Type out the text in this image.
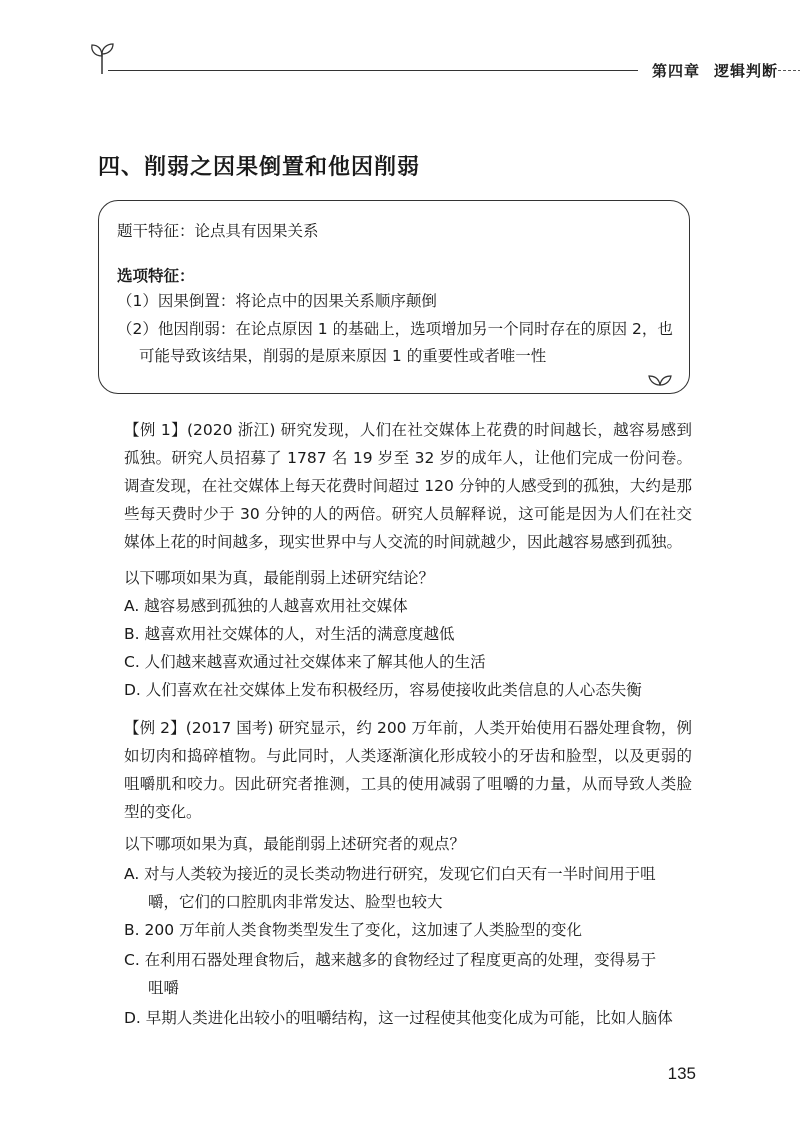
第四章 逻辑判断
四、削弱之因果倒置和他因削弱
题干特征：论点具有因果关系
选项特征：
（1）因果倒置：将论点中的因果关系顺序颠倒
（2）他因削弱：在论点原因 1 的基础上，选项增加另一个同时存在的原因 2，也
可能导致该结果，削弱的是原来原因 1 的重要性或者唯一性
【例 1】(2020 浙江) 研究发现，人们在社交媒体上花费的时间越长，越容易感到孤独。研究人员招募了 1787 名 19 岁至 32 岁的成年人，让他们完成一份问卷。调查发现，在社交媒体上每天花费时间超过 120 分钟的人感受到的孤独，大约是那些每天费时少于 30 分钟的人的两倍。研究人员解释说，这可能是因为人们在社交媒体上花的时间越多，现实世界中与人交流的时间就越少，因此越容易感到孤独。
以下哪项如果为真，最能削弱上述研究结论？
A. 越容易感到孤独的人越喜欢用社交媒体
B. 越喜欢用社交媒体的人，对生活的满意度越低
C. 人们越来越喜欢通过社交媒体来了解其他人的生活
D. 人们喜欢在社交媒体上发布积极经历，容易使接收此类信息的人心态失衡
【例 2】(2017 国考) 研究显示，约 200 万年前，人类开始使用石器处理食物，例如切肉和捣碎植物。与此同时，人类逐渐演化形成较小的牙齿和脸型，以及更弱的咀嚼肌和咬力。因此研究者推测，工具的使用减弱了咀嚼的力量，从而导致人类脸型的变化。
以下哪项如果为真，最能削弱上述研究者的观点？
A. 对与人类较为接近的灵长类动物进行研究，发现它们白天有一半时间用于咀
嚼，它们的口腔肌肉非常发达、脸型也较大
B. 200 万年前人类食物类型发生了变化，这加速了人类脸型的变化
C. 在利用石器处理食物后，越来越多的食物经过了程度更高的处理，变得易于
咀嚼
D. 早期人类进化出较小的咀嚼结构，这一过程使其他变化成为可能，比如人脑体
135
